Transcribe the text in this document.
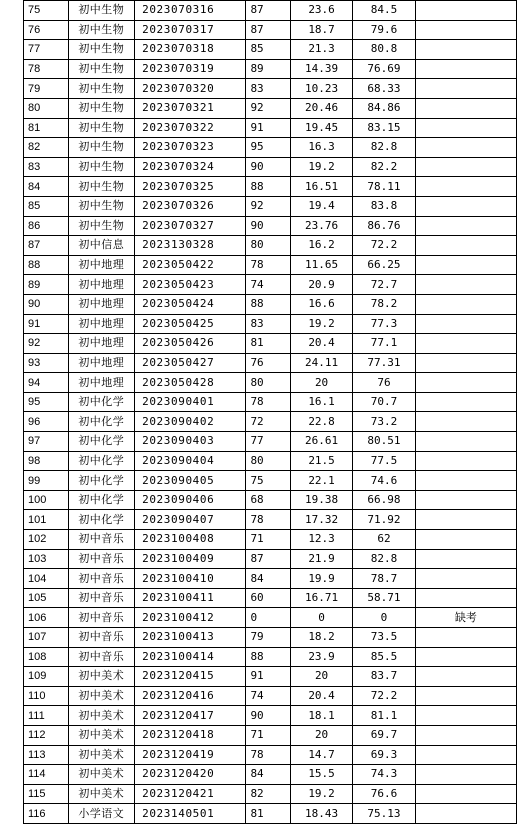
75	初中生物	2023070316	87	23.6	84.5	
76	初中生物	2023070317	87	18.7	79.6	
77	初中生物	2023070318	85	21.3	80.8	
78	初中生物	2023070319	89	14.39	76.69	
79	初中生物	2023070320	83	10.23	68.33	
80	初中生物	2023070321	92	20.46	84.86	
81	初中生物	2023070322	91	19.45	83.15	
82	初中生物	2023070323	95	16.3	82.8	
83	初中生物	2023070324	90	19.2	82.2	
84	初中生物	2023070325	88	16.51	78.11	
85	初中生物	2023070326	92	19.4	83.8	
86	初中生物	2023070327	90	23.76	86.76	
87	初中信息	2023130328	80	16.2	72.2	
88	初中地理	2023050422	78	11.65	66.25	
89	初中地理	2023050423	74	20.9	72.7	
90	初中地理	2023050424	88	16.6	78.2	
91	初中地理	2023050425	83	19.2	77.3	
92	初中地理	2023050426	81	20.4	77.1	
93	初中地理	2023050427	76	24.11	77.31	
94	初中地理	2023050428	80	20	76	
95	初中化学	2023090401	78	16.1	70.7	
96	初中化学	2023090402	72	22.8	73.2	
97	初中化学	2023090403	77	26.61	80.51	
98	初中化学	2023090404	80	21.5	77.5	
99	初中化学	2023090405	75	22.1	74.6	
100	初中化学	2023090406	68	19.38	66.98	
101	初中化学	2023090407	78	17.32	71.92	
102	初中音乐	2023100408	71	12.3	62	
103	初中音乐	2023100409	87	21.9	82.8	
104	初中音乐	2023100410	84	19.9	78.7	
105	初中音乐	2023100411	60	16.71	58.71	
106	初中音乐	2023100412	0	0	0	缺考
107	初中音乐	2023100413	79	18.2	73.5	
108	初中音乐	2023100414	88	23.9	85.5	
109	初中美术	2023120415	91	20	83.7	
110	初中美术	2023120416	74	20.4	72.2	
111	初中美术	2023120417	90	18.1	81.1	
112	初中美术	2023120418	71	20	69.7	
113	初中美术	2023120419	78	14.7	69.3	
114	初中美术	2023120420	84	15.5	74.3	
115	初中美术	2023120421	82	19.2	76.6	
116	小学语文	2023140501	81	18.43	75.13	
